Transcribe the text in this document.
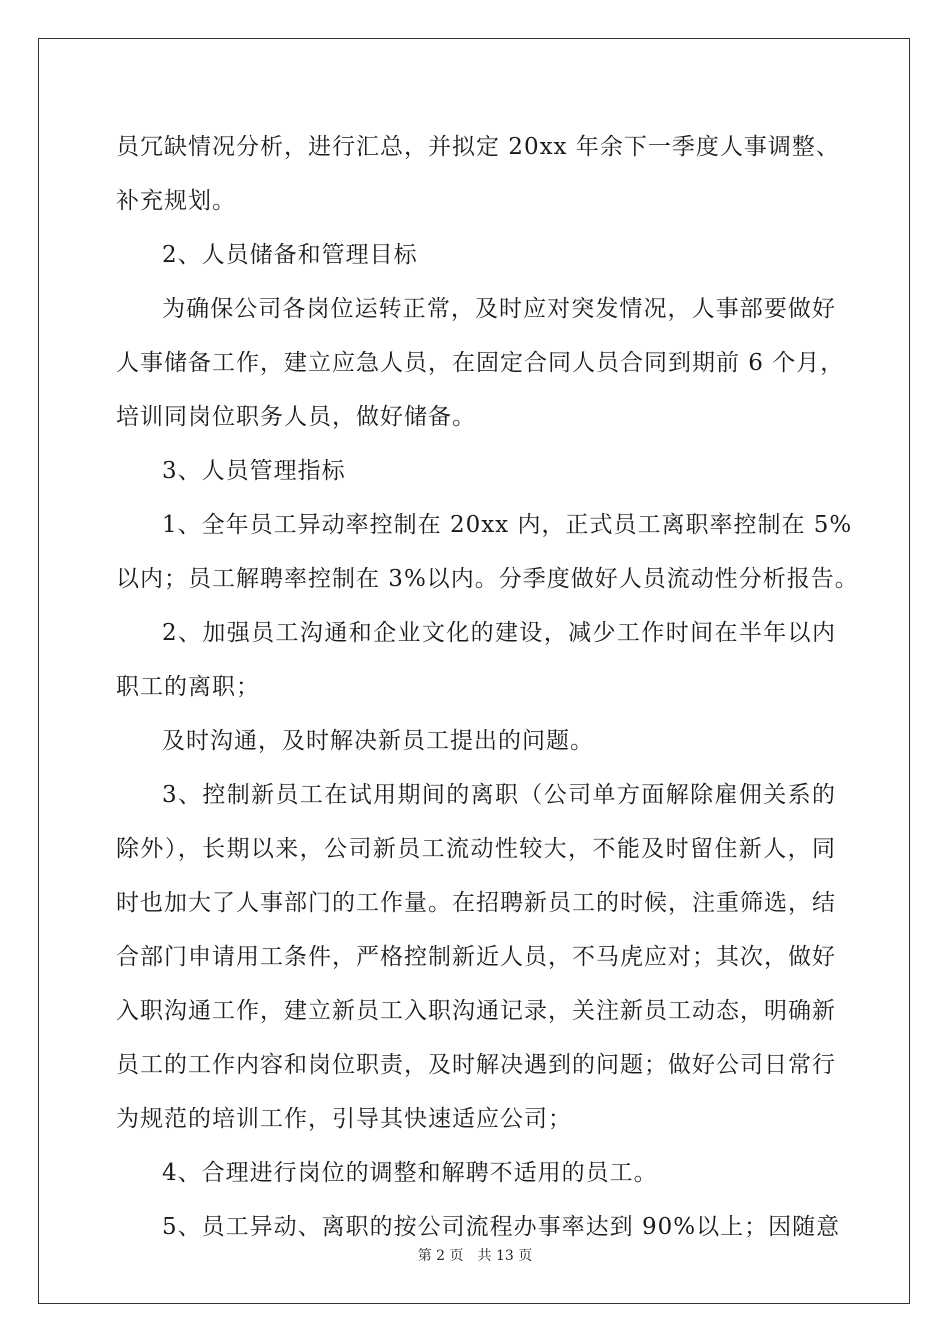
员冗缺情况分析，进行汇总，并拟定 20xx 年余下一季度人事调整、
补充规划。
2、人员储备和管理目标
为确保公司各岗位运转正常，及时应对突发情况，人事部要做好
人事储备工作，建立应急人员，在固定合同人员合同到期前 6 个月，
培训同岗位职务人员，做好储备。
3、人员管理指标
1、全年员工异动率控制在 20xx 内，正式员工离职率控制在 5%
以内；员工解聘率控制在 3%以内。分季度做好人员流动性分析报告。
2、加强员工沟通和企业文化的建设，减少工作时间在半年以内
职工的离职；
及时沟通，及时解决新员工提出的问题。
3、控制新员工在试用期间的离职（公司单方面解除雇佣关系的
除外），长期以来，公司新员工流动性较大，不能及时留住新人，同
时也加大了人事部门的工作量。在招聘新员工的时候，注重筛选，结
合部门申请用工条件，严格控制新近人员，不马虎应对；其次，做好
入职沟通工作，建立新员工入职沟通记录，关注新员工动态，明确新
员工的工作内容和岗位职责，及时解决遇到的问题；做好公司日常行
为规范的培训工作，引导其快速适应公司；
4、合理进行岗位的调整和解聘不适用的员工。
5、员工异动、离职的按公司流程办事率达到 90%以上；因随意
第 2 页　共 13 页
